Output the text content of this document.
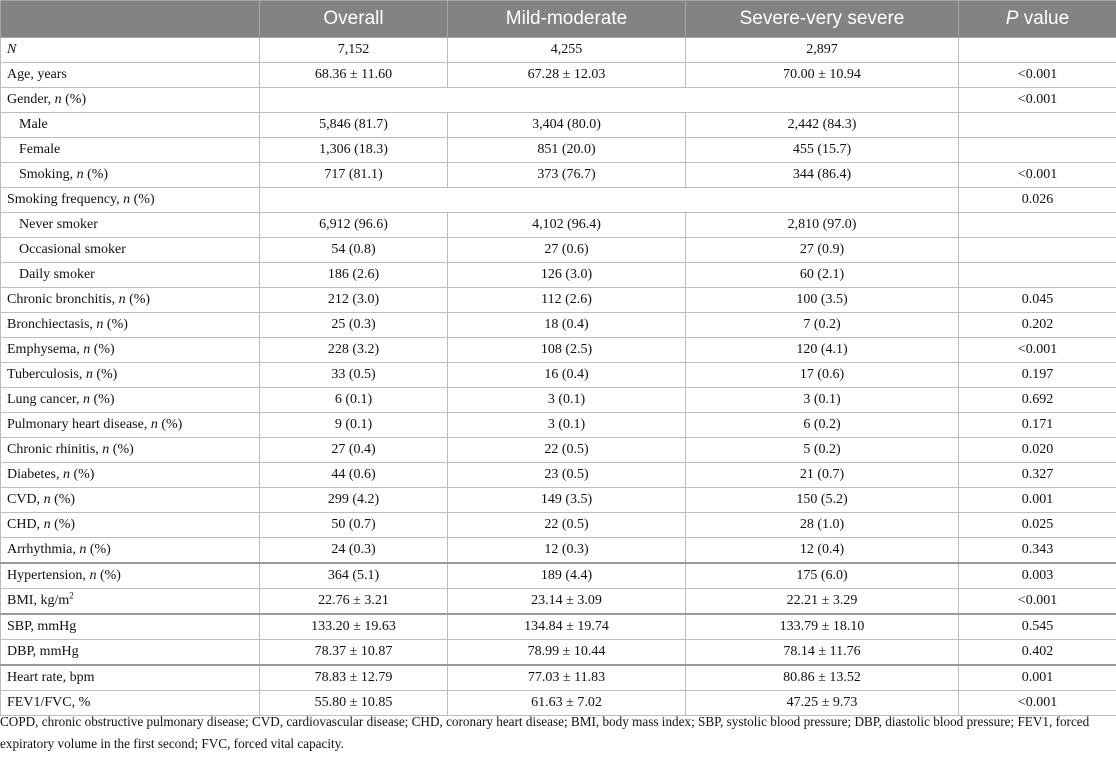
	Overall	Mild-moderate	Severe-very severe	P value
N	7,152	4,255	2,897	
Age, years	68.36 ± 11.60	67.28 ± 12.03	70.00 ± 10.94	<0.001
Gender, n (%)				<0.001
Male	5,846 (81.7)	3,404 (80.0)	2,442 (84.3)	
Female	1,306 (18.3)	851 (20.0)	455 (15.7)	
Smoking, n (%)	717 (81.1)	373 (76.7)	344 (86.4)	<0.001
Smoking frequency, n (%)				0.026
Never smoker	6,912 (96.6)	4,102 (96.4)	2,810 (97.0)	
Occasional smoker	54 (0.8)	27 (0.6)	27 (0.9)	
Daily smoker	186 (2.6)	126 (3.0)	60 (2.1)	
Chronic bronchitis, n (%)	212 (3.0)	112 (2.6)	100 (3.5)	0.045
Bronchiectasis, n (%)	25 (0.3)	18 (0.4)	7 (0.2)	0.202
Emphysema, n (%)	228 (3.2)	108 (2.5)	120 (4.1)	<0.001
Tuberculosis, n (%)	33 (0.5)	16 (0.4)	17 (0.6)	0.197
Lung cancer, n (%)	6 (0.1)	3 (0.1)	3 (0.1)	0.692
Pulmonary heart disease, n (%)	9 (0.1)	3 (0.1)	6 (0.2)	0.171
Chronic rhinitis, n (%)	27 (0.4)	22 (0.5)	5 (0.2)	0.020
Diabetes, n (%)	44 (0.6)	23 (0.5)	21 (0.7)	0.327
CVD, n (%)	299 (4.2)	149 (3.5)	150 (5.2)	0.001
CHD, n (%)	50 (0.7)	22 (0.5)	28 (1.0)	0.025
Arrhythmia, n (%)	24 (0.3)	12 (0.3)	12 (0.4)	0.343
Hypertension, n (%)	364 (5.1)	189 (4.4)	175 (6.0)	0.003
BMI, $kg/m^2$	22.76 ± 3.21	23.14 ± 3.09	22.21 ± 3.29	<0.001
SBP, mmHg	133.20 ± 19.63	134.84 ± 19.74	133.79 ± 18.10	0.545
DBP, mmHg	78.37 ± 10.87	78.99 ± 10.44	78.14 ± 11.76	0.402
Heart rate, bpm	78.83 ± 12.79	77.03 ± 11.83	80.86 ± 13.52	0.001
FEV1/FVC, %	55.80 ± 10.85	61.63 ± 7.02	47.25 ± 9.73	<0.001

COPD, chronic obstructive pulmonary disease; CVD, cardiovascular disease; CHD, coronary heart disease; BMI, body mass index; SBP, systolic blood pressure; DBP, diastolic blood pressure; FEV1, forced expiratory volume in the first second; FVC, forced vital capacity.
